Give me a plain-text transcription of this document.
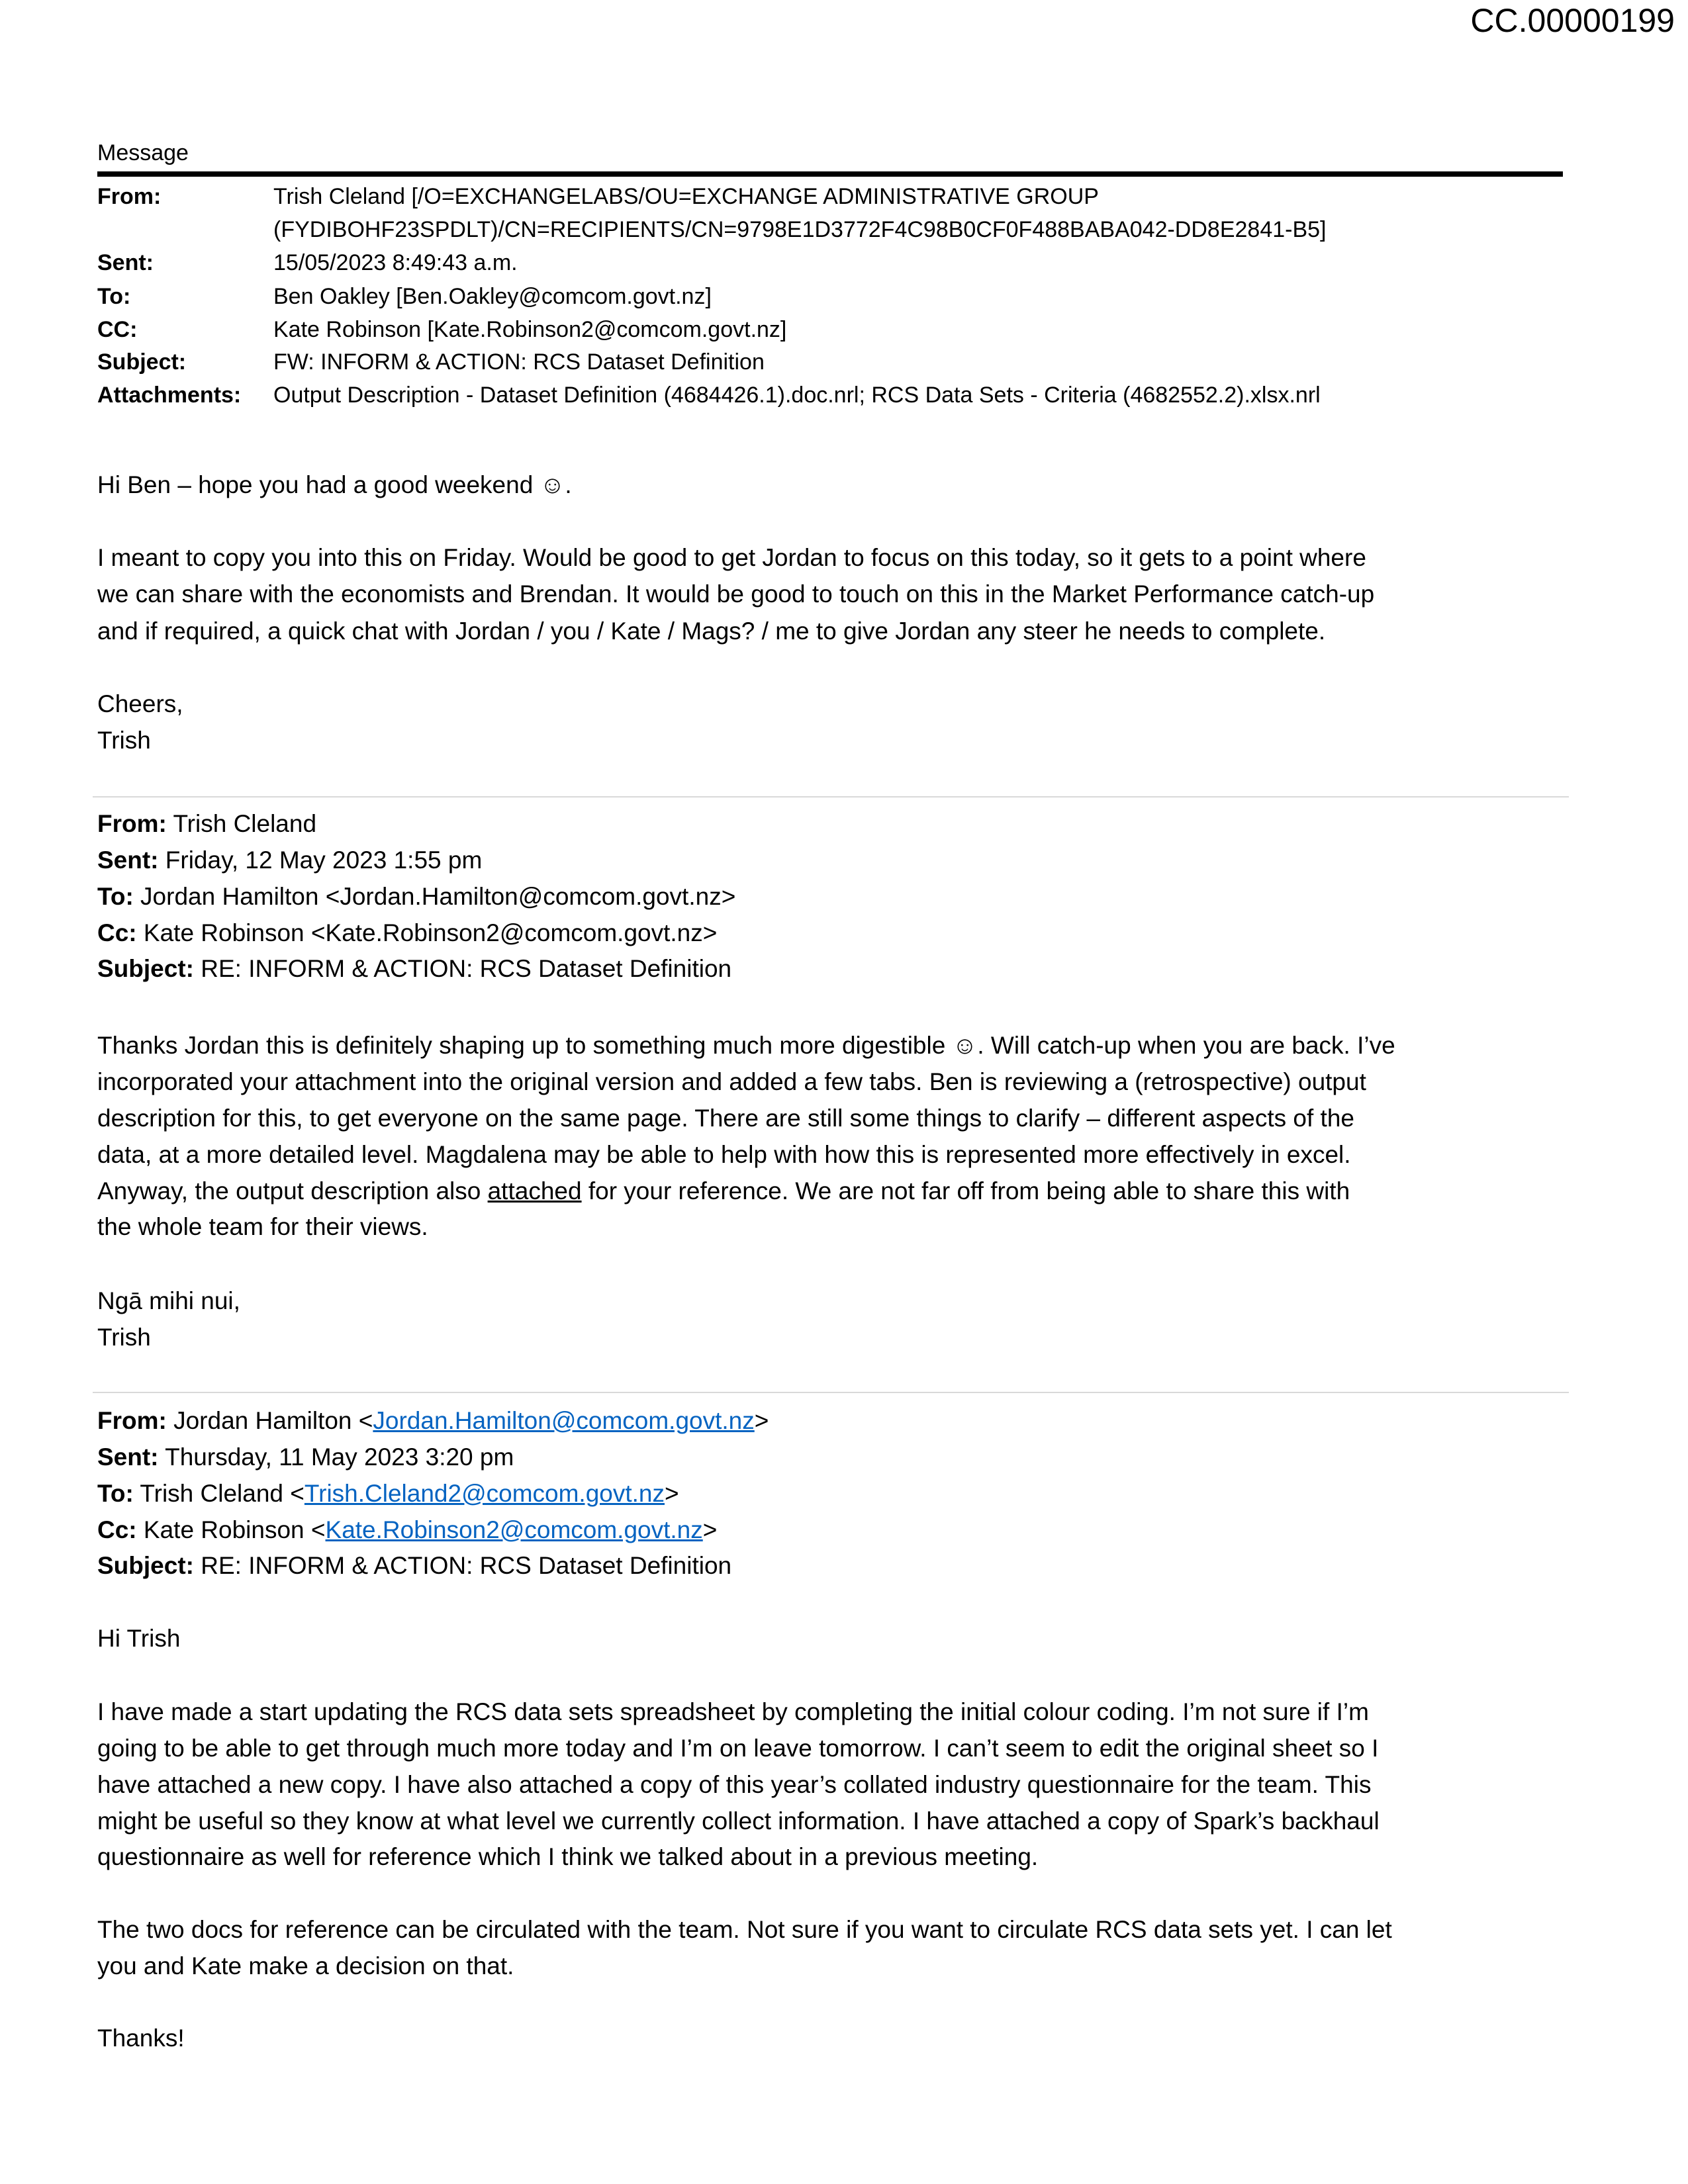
CC.00000199
Message
From:	Trish Cleland [/O=EXCHANGELABS/OU=EXCHANGE ADMINISTRATIVE GROUP
(FYDIBOHF23SPDLT)/CN=RECIPIENTS/CN=9798E1D3772F4C98B0CF0F488BABA042-DD8E2841-B5]
Sent:	15/05/2023 8:49:43 a.m.
To:	Ben Oakley [Ben.Oakley@comcom.govt.nz]
CC:	Kate Robinson [Kate.Robinson2@comcom.govt.nz]
Subject:	FW: INFORM & ACTION: RCS Dataset Definition
Attachments: Output Description - Dataset Definition (4684426.1).doc.nrl; RCS Data Sets - Criteria (4682552.2).xlsx.nrl
Hi Ben – hope you had a good weekend ☺.
I meant to copy you into this on Friday. Would be good to get Jordan to focus on this today, so it gets to a point where
we can share with the economists and Brendan. It would be good to touch on this in the Market Performance catch-up
and if required, a quick chat with Jordan / you / Kate / Mags? / me to give Jordan any steer he needs to complete.
Cheers,
Trish
From: Trish Cleland
Sent: Friday, 12 May 2023 1:55 pm
To: Jordan Hamilton <Jordan.Hamilton@comcom.govt.nz>
Cc: Kate Robinson <Kate.Robinson2@comcom.govt.nz>
Subject: RE: INFORM & ACTION: RCS Dataset Definition
Thanks Jordan this is definitely shaping up to something much more digestible ☺. Will catch-up when you are back. I’ve
incorporated your attachment into the original version and added a few tabs. Ben is reviewing a (retrospective) output
description for this, to get everyone on the same page. There are still some things to clarify – different aspects of the
data, at a more detailed level. Magdalena may be able to help with how this is represented more effectively in excel.
Anyway, the output description also attached for your reference. We are not far off from being able to share this with
the whole team for their views.
Ngā mihi nui,
Trish
From: Jordan Hamilton <Jordan.Hamilton@comcom.govt.nz>
Sent: Thursday, 11 May 2023 3:20 pm
To: Trish Cleland <Trish.Cleland2@comcom.govt.nz>
Cc: Kate Robinson <Kate.Robinson2@comcom.govt.nz>
Subject: RE: INFORM & ACTION: RCS Dataset Definition
Hi Trish
I have made a start updating the RCS data sets spreadsheet by completing the initial colour coding. I’m not sure if I’m
going to be able to get through much more today and I’m on leave tomorrow. I can’t seem to edit the original sheet so I
have attached a new copy. I have also attached a copy of this year’s collated industry questionnaire for the team. This
might be useful so they know at what level we currently collect information. I have attached a copy of Spark’s backhaul
questionnaire as well for reference which I think we talked about in a previous meeting.
The two docs for reference can be circulated with the team. Not sure if you want to circulate RCS data sets yet. I can let
you and Kate make a decision on that.
Thanks!
